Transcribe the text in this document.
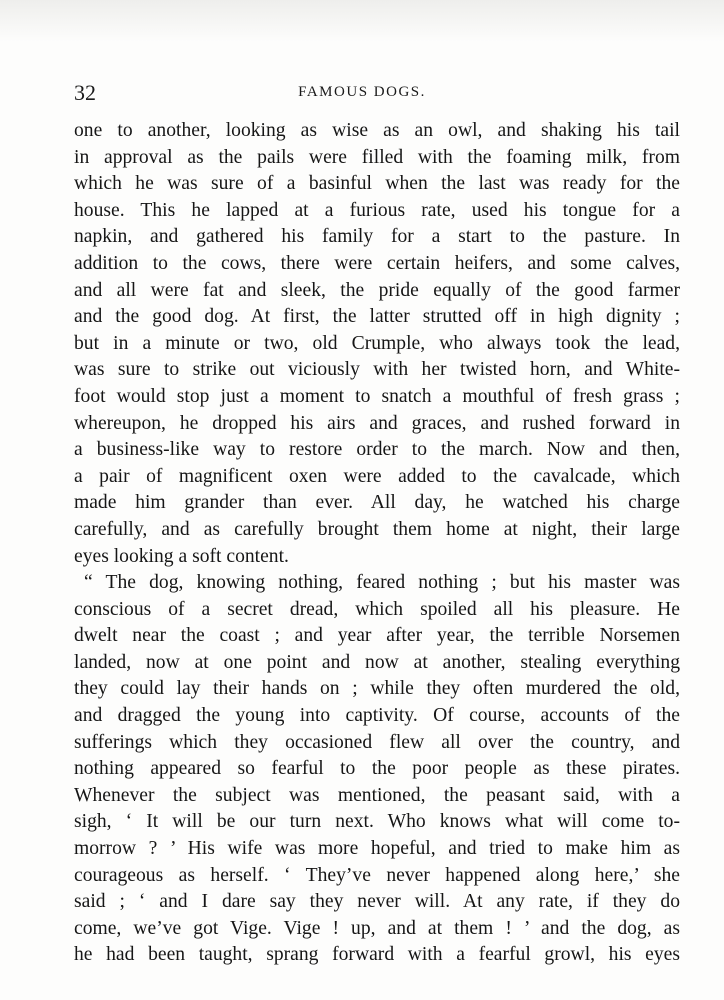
32	FAMOUS DOGS.
one to another, looking as wise as an owl, and shaking his tail
in approval as the pails were filled with the foaming milk, from
which he was sure of a basinful when the last was ready for the
house. This he lapped at a furious rate, used his tongue for a
napkin, and gathered his family for a start to the pasture. In
addition to the cows, there were certain heifers, and some calves,
and all were fat and sleek, the pride equally of the good farmer
and the good dog. At first, the latter strutted off in high dignity ;
but in a minute or two, old Crumple, who always took the lead,
was sure to strike out viciously with her twisted horn, and White-
foot would stop just a moment to snatch a mouthful of fresh grass ;
whereupon, he dropped his airs and graces, and rushed forward in
a business-like way to restore order to the march. Now and then,
a pair of magnificent oxen were added to the cavalcade, which
made him grander than ever. All day, he watched his charge
carefully, and as carefully brought them home at night, their large
eyes looking a soft content.
“ The dog, knowing nothing, feared nothing ; but his master was
conscious of a secret dread, which spoiled all his pleasure. He
dwelt near the coast ; and year after year, the terrible Norsemen
landed, now at one point and now at another, stealing everything
they could lay their hands on ; while they often murdered the old,
and dragged the young into captivity. Of course, accounts of the
sufferings which they occasioned flew all over the country, and
nothing appeared so fearful to the poor people as these pirates.
Whenever the subject was mentioned, the peasant said, with a
sigh, ‘ It will be our turn next. Who knows what will come to-
morrow ? ’ His wife was more hopeful, and tried to make him as
courageous as herself. ‘ They’ve never happened along here,’ she
said ; ‘ and I dare say they never will. At any rate, if they do
come, we’ve got Vige. Vige ! up, and at them ! ’ and the dog, as
he had been taught, sprang forward with a fearful growl, his eyes
